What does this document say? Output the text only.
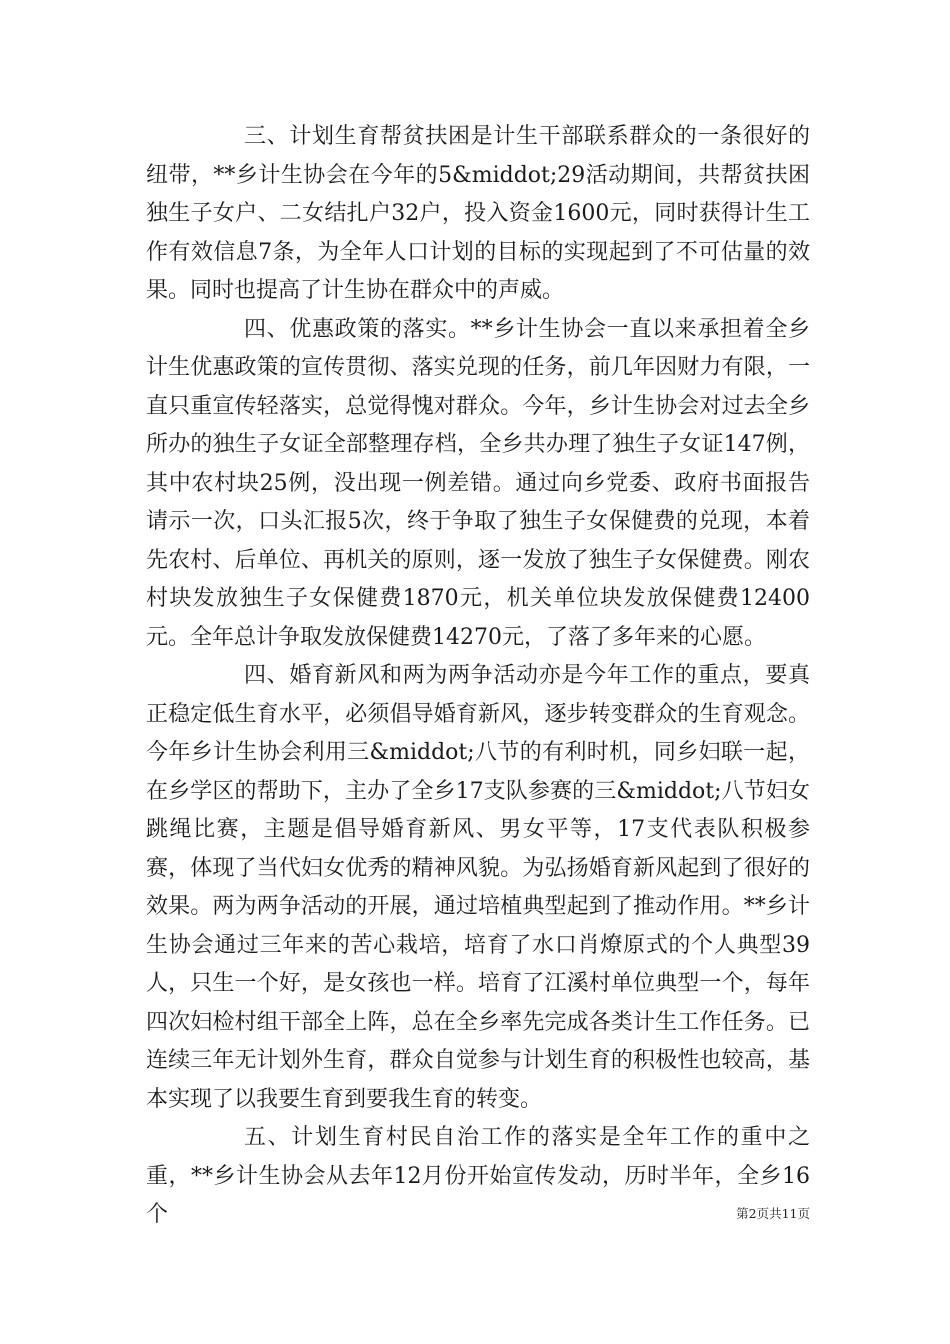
三、计划生育帮贫扶困是计生干部联系群众的一条很好的纽带，**乡计生协会在今年的5&middot;29活动期间，共帮贫扶困独生子女户、二女结扎户32户，投入资金1600元，同时获得计生工作有效信息7条，为全年人口计划的目标的实现起到了不可估量的效果。同时也提高了计生协在群众中的声威。

四、优惠政策的落实。**乡计生协会一直以来承担着全乡计生优惠政策的宣传贯彻、落实兑现的任务，前几年因财力有限，一直只重宣传轻落实，总觉得愧对群众。今年，乡计生协会对过去全乡所办的独生子女证全部整理存档，全乡共办理了独生子女证147例，其中农村块25例，没出现一例差错。通过向乡党委、政府书面报告请示一次，口头汇报5次，终于争取了独生子女保健费的兑现，本着先农村、后单位、再机关的原则，逐一发放了独生子女保健费。刚农村块发放独生子女保健费1870元，机关单位块发放保健费12400元。全年总计争取发放保健费14270元，了落了多年来的心愿。

四、婚育新风和两为两争活动亦是今年工作的重点，要真正稳定低生育水平，必须倡导婚育新风，逐步转变群众的生育观念。今年乡计生协会利用三&middot;八节的有利时机，同乡妇联一起，在乡学区的帮助下，主办了全乡17支队参赛的三&middot;八节妇女跳绳比赛，主题是倡导婚育新风、男女平等，17支代表队积极参赛，体现了当代妇女优秀的精神风貌。为弘扬婚育新风起到了很好的效果。两为两争活动的开展，通过培植典型起到了推动作用。**乡计生协会通过三年来的苦心栽培，培育了水口肖燎原式的个人典型39人，只生一个好，是女孩也一样。培育了江溪村单位典型一个，每年四次妇检村组干部全上阵，总在全乡率先完成各类计生工作任务。已连续三年无计划外生育，群众自觉参与计划生育的积极性也较高，基本实现了以我要生育到要我生育的转变。

五、计划生育村民自治工作的落实是全年工作的重中之重，**乡计生协会从去年12月份开始宣传发动，历时半年，全乡16个	第2页共11页
